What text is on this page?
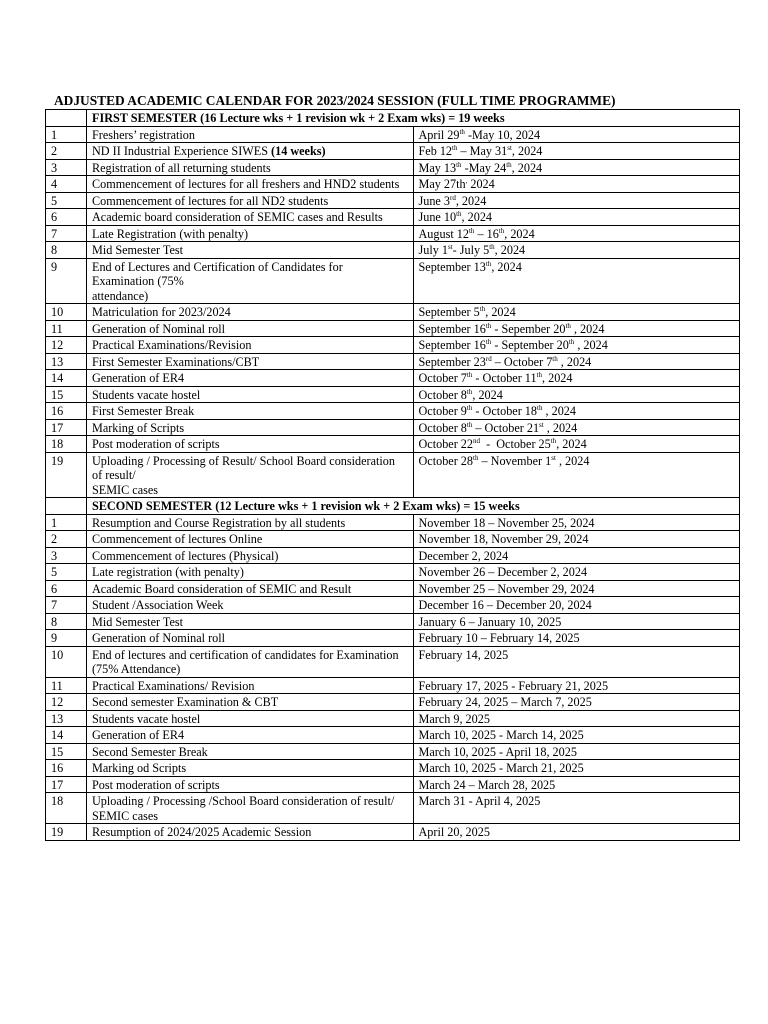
ADJUSTED ACADEMIC CALENDAR FOR 2023/2024 SESSION (FULL TIME PROGRAMME)
	FIRST SEMESTER (16 Lecture wks + 1 revision wk + 2 Exam wks) = 19 weeks	
1	Freshers’ registration	April 29th -May 10, 2024
2	ND II Industrial Experience SIWES (14 weeks)	Feb 12th – May 31st, 2024
3	Registration of all returning students	May 13th -May 24th, 2024
4	Commencement of lectures for all freshers and HND2 students	May 27th, 2024
5	Commencement of lectures for all ND2 students	June 3rd, 2024
6	Academic board consideration of SEMIC cases and Results	June 10th, 2024
7	Late Registration (with penalty)	August 12th – 16th, 2024
8	Mid Semester Test	July 1st- July 5th, 2024
9	End of Lectures and Certification of Candidates for Examination (75%
attendance)	September 13th, 2024
10	Matriculation for 2023/2024	September 5th, 2024
11	Generation of Nominal roll	September 16th - Sepember 20th , 2024
12	Practical Examinations/Revision	September 16th - September 20th , 2024
13	First Semester Examinations/CBT	September 23rd – October 7th , 2024
14	Generation of ER4	October 7th - October 11th, 2024
15	Students vacate hostel	October 8th, 2024
16	First Semester Break	October 9th - October 18th , 2024
17	Marking of Scripts	October 8th – October 21st , 2024
18	Post moderation of scripts	October 22nd  -  October 25th, 2024
19	Uploading / Processing of Result/ School Board consideration of result/
SEMIC cases	October 28th – November 1st , 2024
	SECOND SEMESTER (12 Lecture wks + 1 revision wk + 2 Exam wks) = 15 weeks	
1	Resumption and Course Registration by all students	November 18 – November 25, 2024
2	Commencement of lectures Online	November 18, November 29, 2024
3	Commencement of lectures (Physical)	December 2, 2024
5	Late registration (with penalty)	November 26 – December 2, 2024
6	Academic Board consideration of SEMIC and Result	November 25 – November 29, 2024
7	Student /Association Week	December 16 – December 20, 2024
8	Mid Semester Test	January 6 – January 10, 2025
9	Generation of Nominal roll	February 10 – February 14, 2025
10	End of lectures and certification of candidates for Examination
(75% Attendance)	February 14, 2025
11	Practical Examinations/ Revision	February 17, 2025 - February 21, 2025
12	Second semester Examination & CBT	February 24, 2025 – March 7, 2025
13	Students vacate hostel	March 9, 2025
14	Generation of ER4	March 10, 2025 - March 14, 2025
15	Second Semester Break	March 10, 2025 - April 18, 2025
16	Marking od Scripts	March 10, 2025 - March 21, 2025
17	Post moderation of scripts	March 24 – March 28, 2025
18	Uploading / Processing /School Board consideration of result/ SEMIC cases	March 31 - April 4, 2025
19	Resumption of 2024/2025 Academic Session	April 20, 2025
